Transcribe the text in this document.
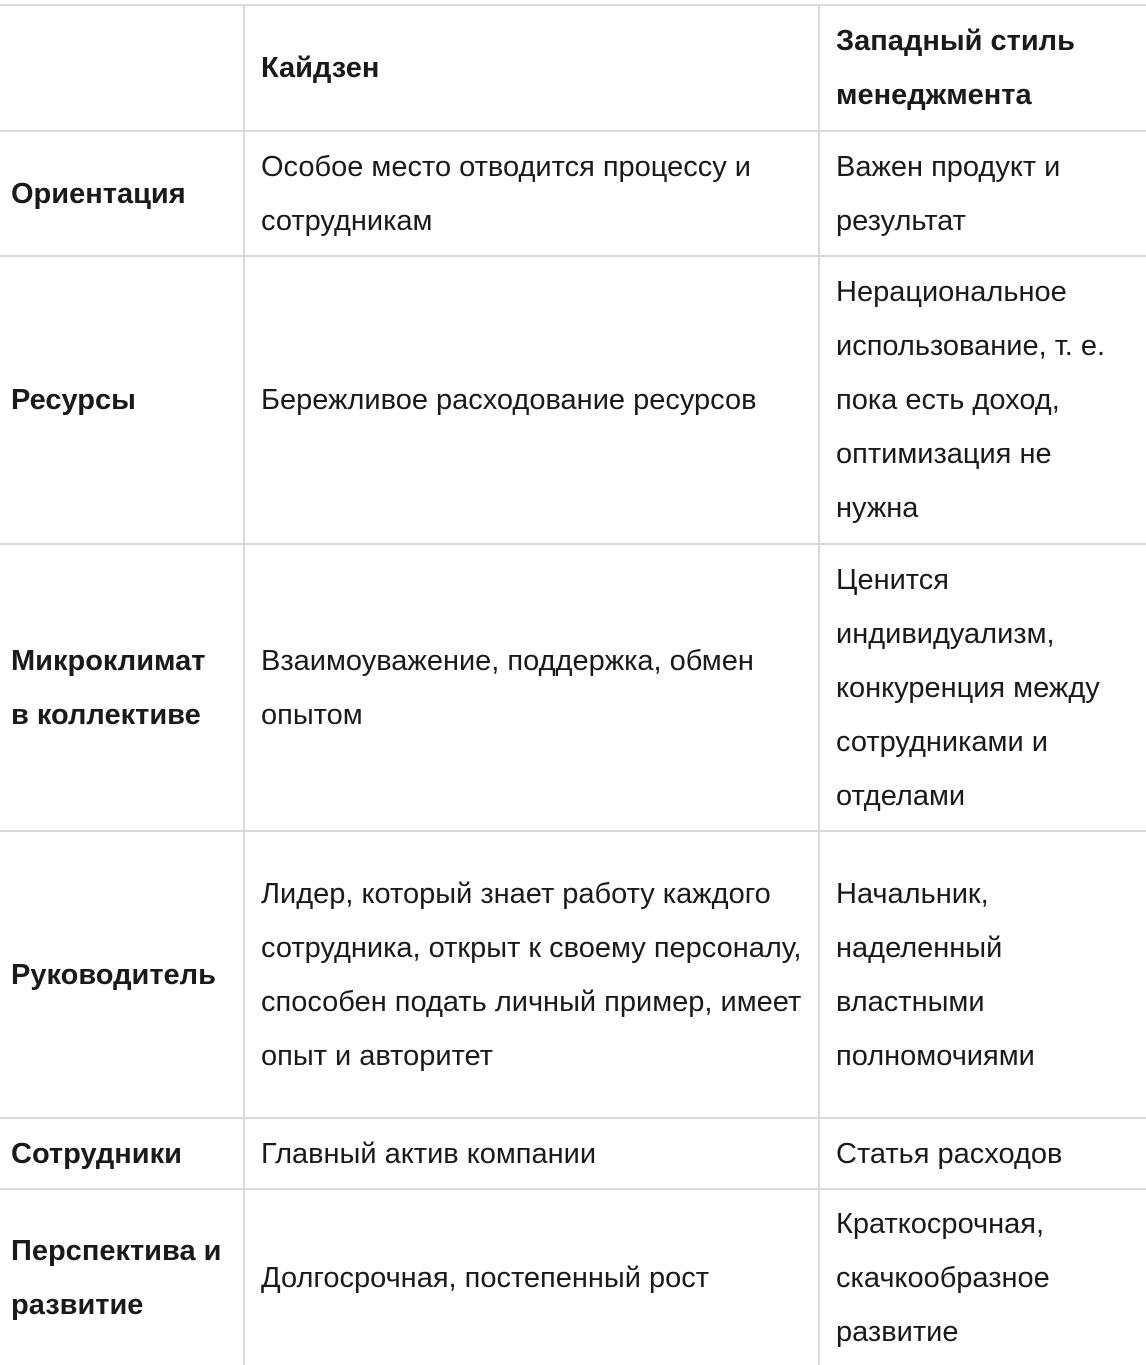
	Кайдзен	Западный стиль менеджмента
Ориентация	Особое место отводится процессу и сотрудникам	Важен продукт и результат
Ресурсы	Бережливое расходование ресурсов	Нерациональное использование, т. е. пока есть доход, оптимизация не нужна
Микроклимат в коллективе	Взаимоуважение, поддержка, обмен опытом	Ценится индивидуализм, конкуренция между сотрудниками и отделами
Руководитель	Лидер, который знает работу каждого сотрудника, открыт к своему персоналу, способен подать личный пример, имеет опыт и авторитет	Начальник, наделенный властными полномочиями
Сотрудники	Главный актив компании	Статья расходов
Перспектива и развитие	Долгосрочная, постепенный рост	Краткосрочная, скачкообразное развитие
